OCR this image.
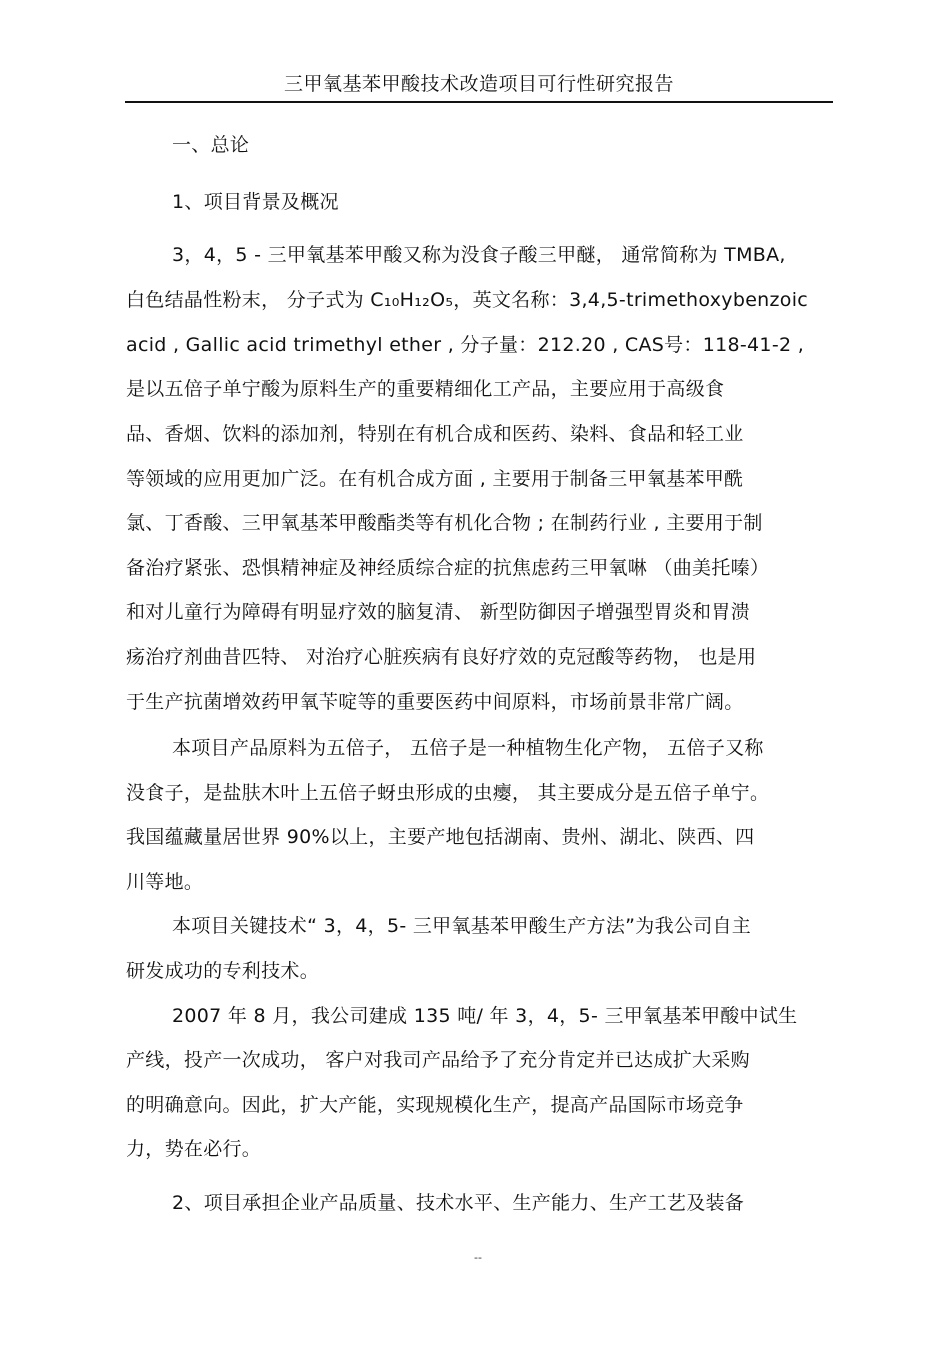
三甲氧基苯甲酸技术改造项目可行性研究报告
一、总论
1、项目背景及概况
3，4，5 - 三甲氧基苯甲酸又称为没食子酸三甲醚， 通常简称为 TMBA,
白色结晶性粉末， 分子式为 C₁₀H₁₂O₅，英文名称：3,4,5-trimethoxybenzoic
acid , Gallic acid trimethyl ether , 分子量：212.20 , CAS号：118-41-2 ,
是以五倍子单宁酸为原料生产的重要精细化工产品，主要应用于高级食
品、香烟、饮料的添加剂，特别在有机合成和医药、染料、食品和轻工业
等领域的应用更加广泛。在有机合成方面 , 主要用于制备三甲氧基苯甲酰
氯、丁香酸、三甲氧基苯甲酸酯类等有机化合物 ; 在制药行业 , 主要用于制
备治疗紧张、恐惧精神症及神经质综合症的抗焦虑药三甲氧啉 （曲美托嗪）
和对儿童行为障碍有明显疗效的脑复清、 新型防御因子增强型胃炎和胃溃
疡治疗剂曲昔匹特、 对治疗心脏疾病有良好疗效的克冠酸等药物， 也是用
于生产抗菌增效药甲氧苄啶等的重要医药中间原料，市场前景非常广阔。
本项目产品原料为五倍子， 五倍子是一种植物生化产物， 五倍子又称
没食子，是盐肤木叶上五倍子蚜虫形成的虫瘿， 其主要成分是五倍子单宁。
我国蕴藏量居世界 90%以上，主要产地包括湖南、贵州、湖北、陕西、四
川等地。
本项目关键技术“ 3，4，5- 三甲氧基苯甲酸生产方法”为我公司自主
研发成功的专利技术。
2007 年 8 月，我公司建成 135 吨/ 年 3，4，5- 三甲氧基苯甲酸中试生
产线，投产一次成功， 客户对我司产品给予了充分肯定并已达成扩大采购
的明确意向。因此，扩大产能，实现规模化生产，提高产品国际市场竞争
力，势在必行。
2、项目承担企业产品质量、技术水平、生产能力、生产工艺及装备
--
